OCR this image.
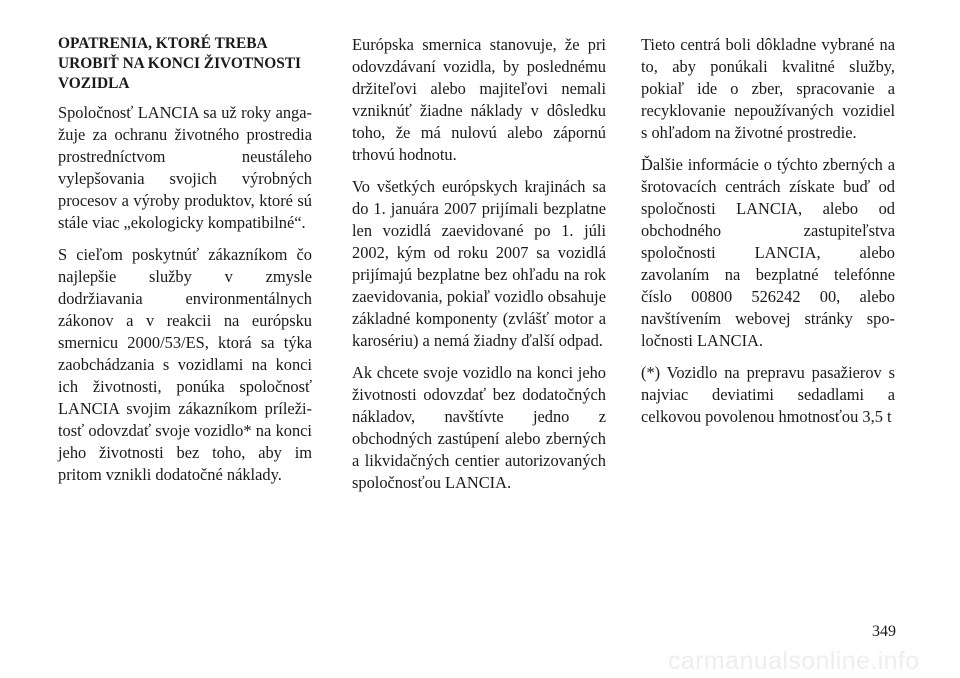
OPATRENIA, KTORÉ TREBA UROBIŤ NA KONCI ŽIVOTNOSTI VOZIDLA

Spoločnosť LANCIA sa už roky angažuje za ochranu životného prostredia prostredníctvom neustáleho vylepšovania svojich výrobných procesov a výroby produktov, ktoré sú stále viac „ekologicky kompatibilné“.

S cieľom poskytnúť zákazníkom čo najlepšie služby v zmysle dodržiavania environmentálnych zákonov a v reakcii na európsku smernicu 2000/53/ES, ktorá sa týka zaobchádzania s vozidlami na konci ich životnosti, ponúka spoločnosť LANCIA svojim zákazníkom príležitosť odovzdať svoje vozidlo* na konci jeho životnosti bez toho, aby im pritom vznikli dodatočné náklady.

Európska smernica stanovuje, že pri odovzdávaní vozidla, by poslednému držiteľovi alebo majiteľovi nemali vzniknúť žiadne náklady v dôsledku toho, že má nulovú alebo zápornú trhovú hodnotu.

Vo všetkých európskych krajinách sa do 1. januára 2007 prijímali bezplatne len vozidlá zaevidované po 1. júli 2002, kým od roku 2007 sa vozidlá prijímajú bezplatne bez ohľadu na rok zaevidovania, pokiaľ vozidlo obsahuje základné komponenty (zvlášť motor a karosériu) a nemá žiadny ďalší odpad.

Ak chcete svoje vozidlo na konci jeho životnosti odovzdať bez dodatočných nákladov, navštívte jedno z obchodných zastúpení alebo zberných a likvidačných centier autorizovaných spoločnosťou LANCIA.

Tieto centrá boli dôkladne vybrané na to, aby ponúkali kvalitné služby, pokiaľ ide o zber, spracovanie a recyklovanie nepoužívaných vozidiel s ohľadom na životné prostredie.

Ďalšie informácie o týchto zberných a šrotovacích centrách získate buď od spoločnosti LANCIA, alebo od obchodného zastupiteľstva spoločnosti LANCIA, alebo zavolaním na bezplatné telefónne číslo 00800 526242 00, alebo navštívením webovej stránky spoločnosti LANCIA.

(*) Vozidlo na prepravu pasažierov s najviac deviatimi sedadlami a celkovou povolenou hmotnosťou 3,5 t

349
carmanualsonline.info
